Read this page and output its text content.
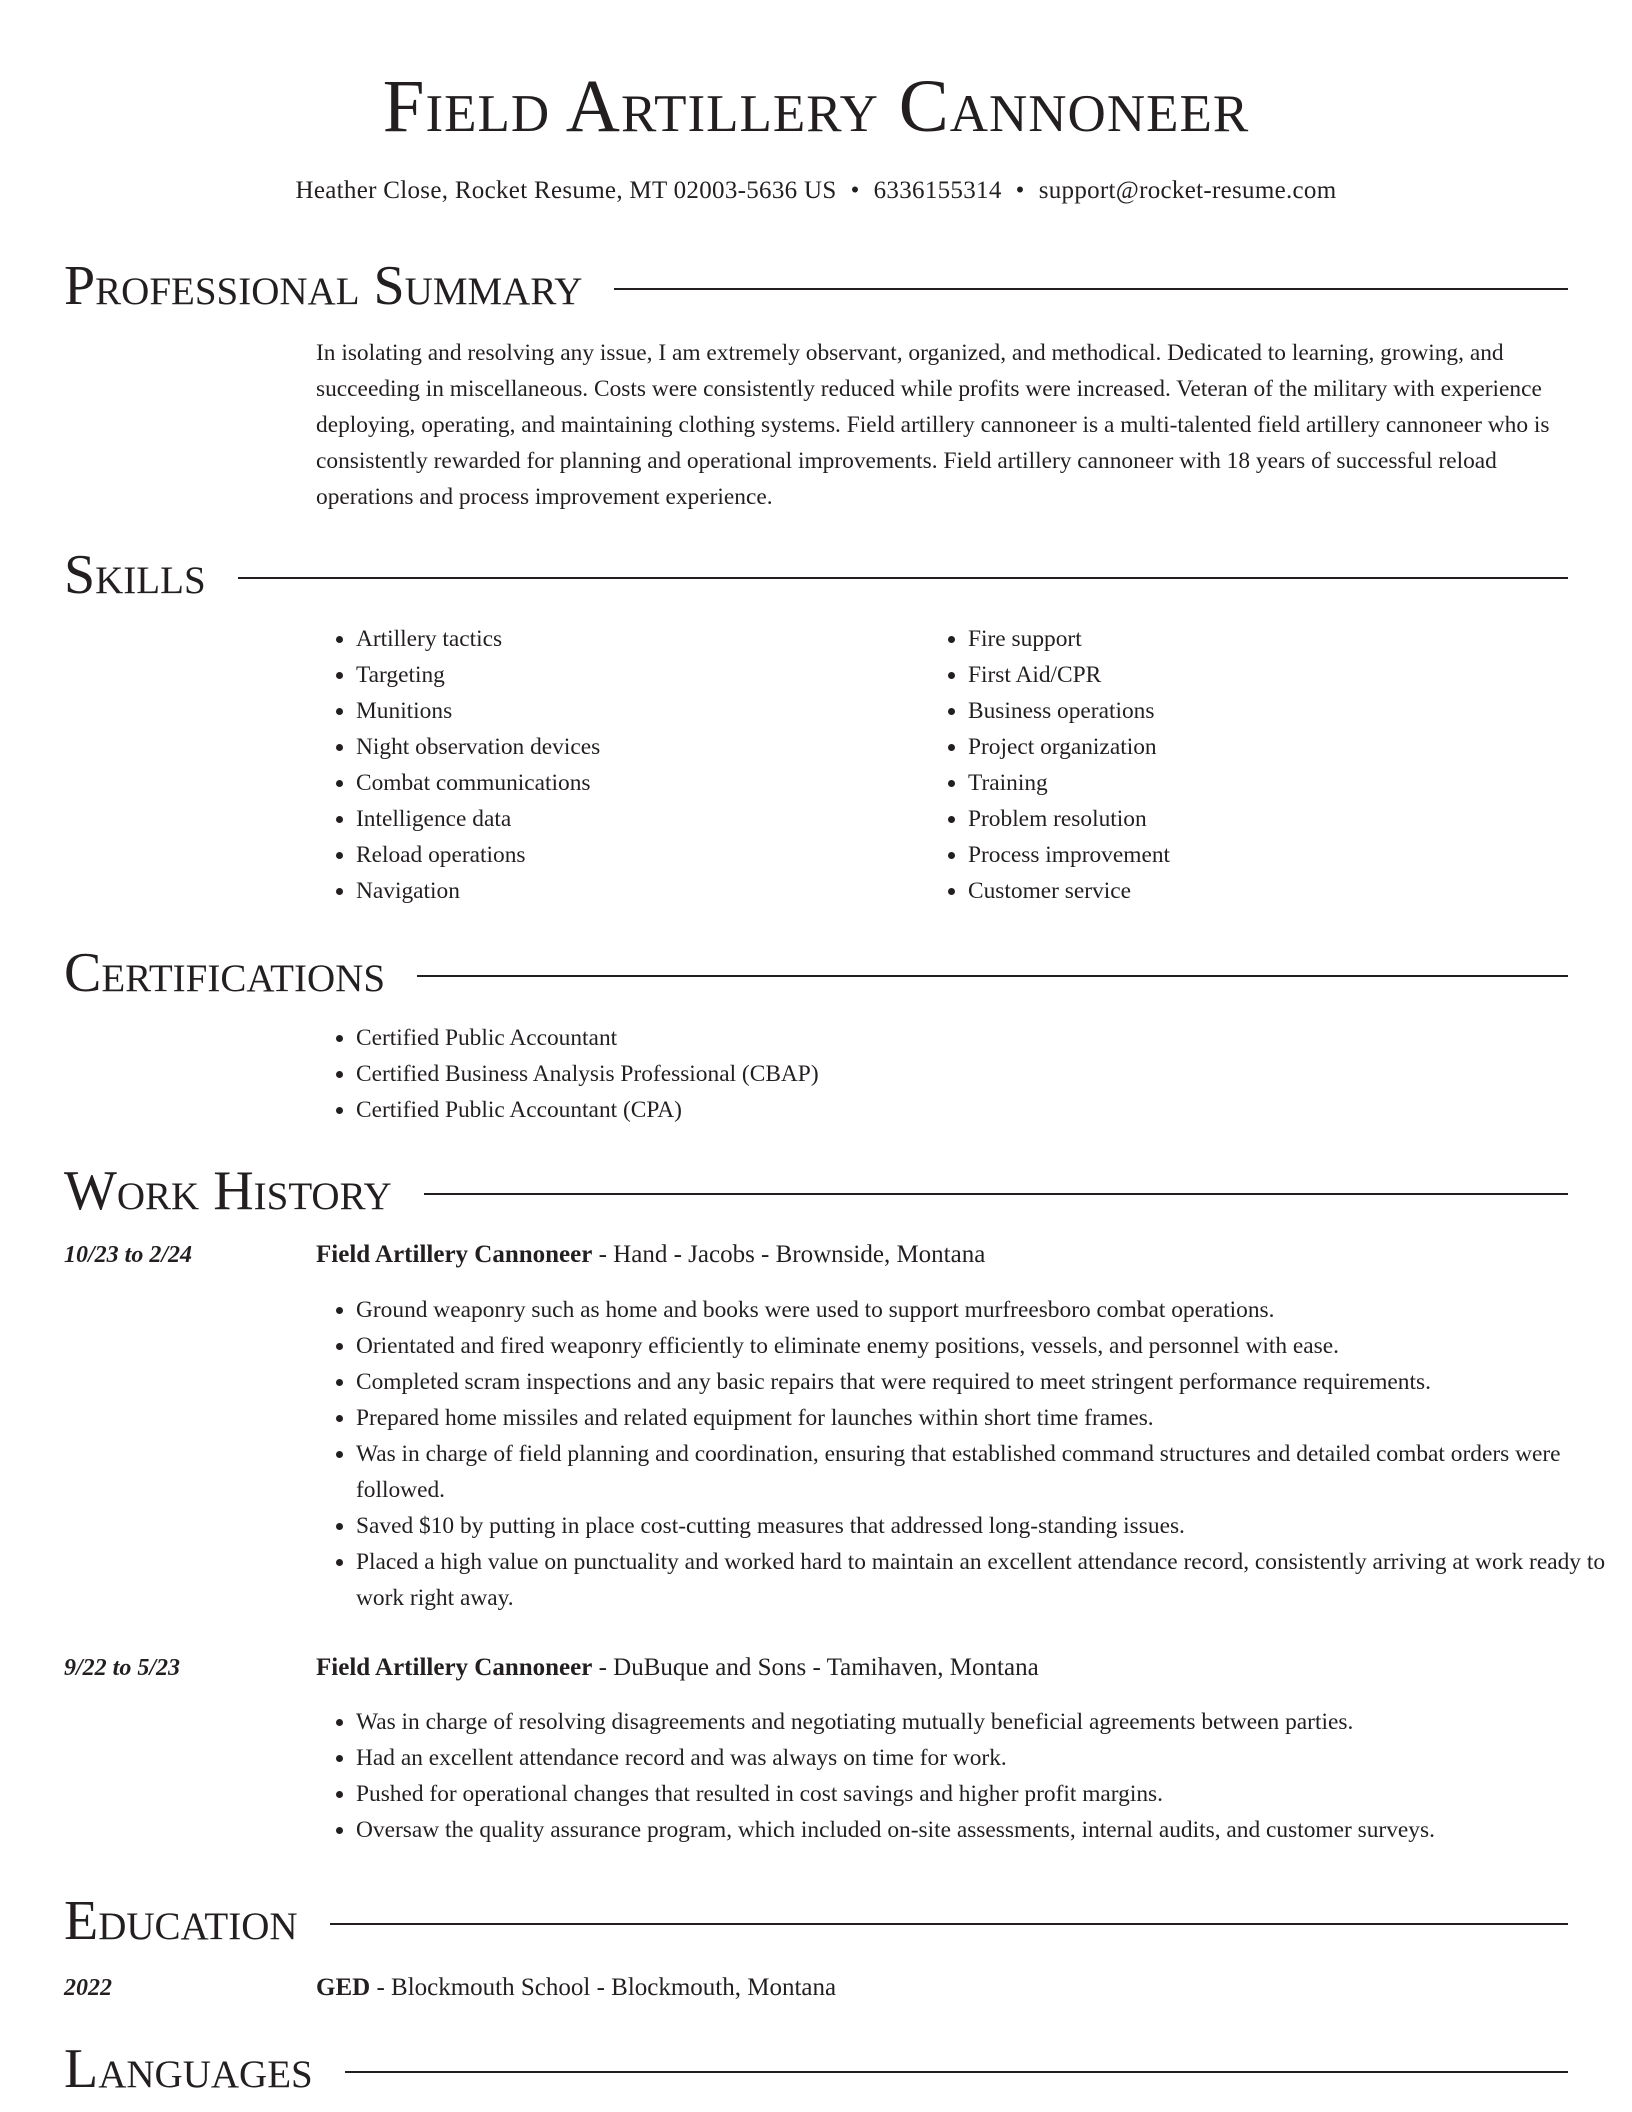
Field Artillery Cannoneer
Heather Close, Rocket Resume, MT 02003-5636 US • 6336155314 • support@rocket-resume.com
Professional Summary

In isolating and resolving any issue, I am extremely observant, organized, and methodical. Dedicated to learning, growing, and succeeding in miscellaneous. Costs were consistently reduced while profits were increased. Veteran of the military with experience deploying, operating, and maintaining clothing systems. Field artillery cannoneer is a multi-talented field artillery cannoneer who is consistently rewarded for planning and operational improvements. Field artillery cannoneer with 18 years of successful reload operations and process improvement experience.

Skills
• Artillery tactics
• Targeting
• Munitions
• Night observation devices
• Combat communications
• Intelligence data
• Reload operations
• Navigation
• Fire support
• First Aid/CPR
• Business operations
• Project organization
• Training
• Problem resolution
• Process improvement
• Customer service
Certifications
• Certified Public Accountant
• Certified Business Analysis Professional (CBAP)
• Certified Public Accountant (CPA)
Work History
10/23 to 2/24	Field Artillery Cannoneer - Hand - Jacobs - Brownside, Montana
• Ground weaponry such as home and books were used to support murfreesboro combat operations.
• Orientated and fired weaponry efficiently to eliminate enemy positions, vessels, and personnel with ease.
• Completed scram inspections and any basic repairs that were required to meet stringent performance requirements.
• Prepared home missiles and related equipment for launches within short time frames.
• Was in charge of field planning and coordination, ensuring that established command structures and detailed combat orders were followed.
• Saved $10 by putting in place cost-cutting measures that addressed long-standing issues.
• Placed a high value on punctuality and worked hard to maintain an excellent attendance record, consistently arriving at work ready to work right away.
9/22 to 5/23	Field Artillery Cannoneer - DuBuque and Sons - Tamihaven, Montana
• Was in charge of resolving disagreements and negotiating mutually beneficial agreements between parties.
• Had an excellent attendance record and was always on time for work.
• Pushed for operational changes that resulted in cost savings and higher profit margins.
• Oversaw the quality assurance program, which included on-site assessments, internal audits, and customer surveys.
Education
2022	GED - Blockmouth School - Blockmouth, Montana
Languages
